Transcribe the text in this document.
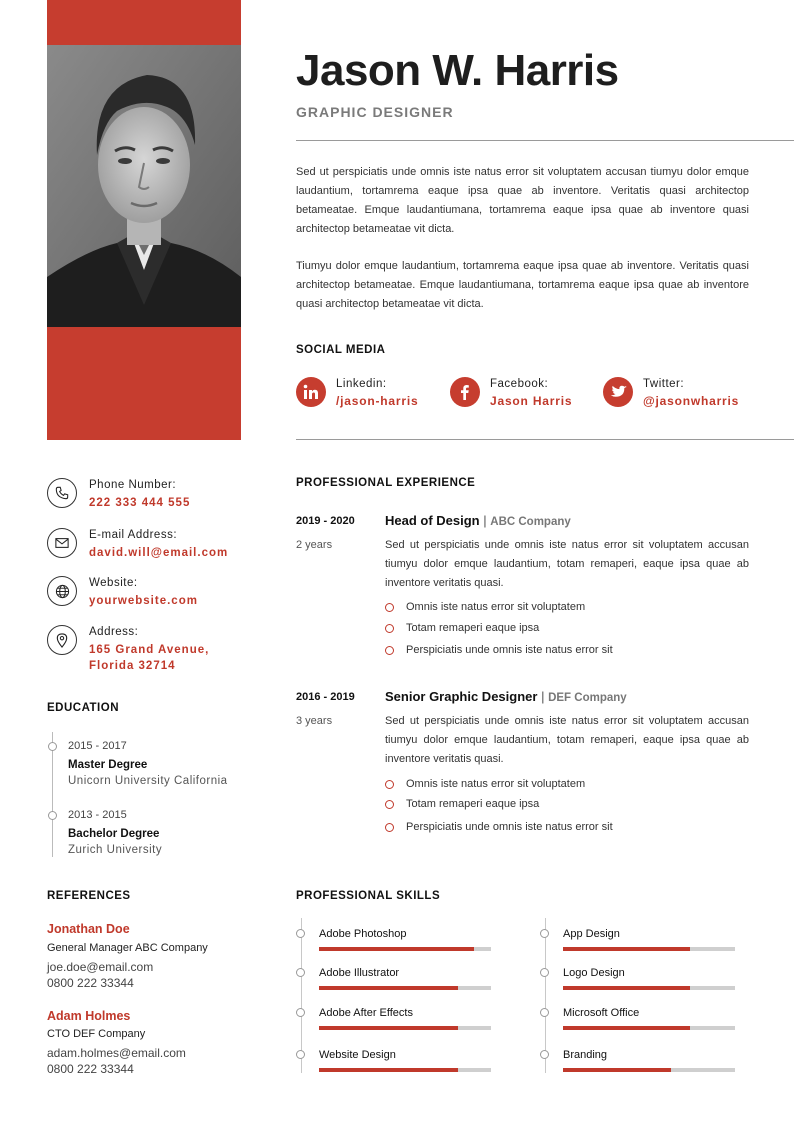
Jason W. Harris
GRAPHIC DESIGNER
Sed ut perspiciatis unde omnis iste natus error sit voluptatem accusan tiumyu dolor emque laudantium, tortamrema eaque ipsa quae ab inventore. Veritatis quasi architectop betameatae. Emque laudantiumana, tortamrema eaque ipsa quae ab inventore quasi architectop betameatae vit dicta.
Tiumyu dolor emque laudantium, tortamrema eaque ipsa quae ab inventore. Veritatis quasi architectop betameatae. Emque laudantiumana, tortamrema eaque ipsa quae ab inventore quasi architectop betameatae vit dicta.
SOCIAL MEDIA
Linkedin:
/jason-harris
Facebook:
Jason Harris
Twitter:
@jasonwharris
Phone Number:
222 333 444 555
E-mail Address:
david.will@email.com
Website:
yourwebsite.com
Address:
165 Grand Avenue,
Florida 32714
EDUCATION
2015 - 2017
Master Degree
Unicorn University California
2013 - 2015
Bachelor Degree
Zurich University
REFERENCES
Jonathan Doe
General Manager ABC Company
joe.doe@email.com
0800 222 33344
Adam Holmes
CTO DEF Company
adam.holmes@email.com
0800 222 33344
PROFESSIONAL EXPERIENCE
2019 - 2020
2 years
Head of Design | ABC Company
Sed ut perspiciatis unde omnis iste natus error sit voluptatem accusan tiumyu dolor emque laudantium, totam remaperi, eaque ipsa quae ab inventore veritatis quasi.
Omnis iste natus error sit voluptatem
Totam remaperi eaque ipsa
Perspiciatis unde omnis iste natus error sit
2016 - 2019
3 years
Senior Graphic Designer | DEF Company
Sed ut perspiciatis unde omnis iste natus error sit voluptatem accusan tiumyu dolor emque laudantium, totam remaperi, eaque ipsa quae ab inventore veritatis quasi.
Omnis iste natus error sit voluptatem
Totam remaperi eaque ipsa
Perspiciatis unde omnis iste natus error sit
PROFESSIONAL SKILLS
Adobe Photoshop
Adobe Illustrator
Adobe After Effects
Website Design
App Design
Logo Design
Microsoft Office
Branding
